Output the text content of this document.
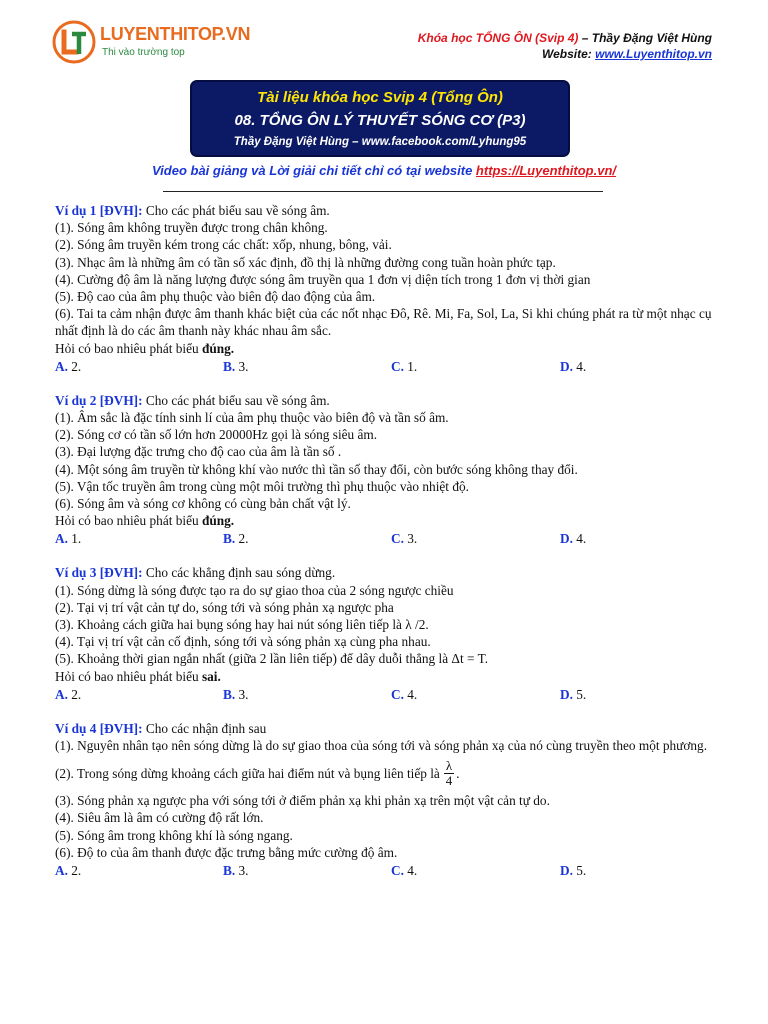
LUYENTHITOP.VN
Thi vào trường top
Khóa học TỔNG ÔN (Svip 4) – Thầy Đặng Việt Hùng
Website: www.Luyenthitop.vn
Tài liệu khóa học Svip 4 (Tổng Ôn)
08. TỔNG ÔN LÝ THUYẾT SÓNG CƠ (P3)
Thầy Đặng Việt Hùng – www.facebook.com/Lyhung95
Video bài giảng và Lời giải chi tiết chỉ có tại website https://Luyenthitop.vn/
Ví dụ 1 [ĐVH]: Cho các phát biểu sau về sóng âm.
(1). Sóng âm không truyền được trong chân không.
(2). Sóng âm truyền kém trong các chất: xốp, nhung, bông, vải.
(3). Nhạc âm là những âm có tần số xác định, đồ thị là những đường cong tuần hoàn phức tạp.
(4). Cường độ âm là năng lượng được sóng âm truyền qua 1 đơn vị diện tích trong 1 đơn vị thời gian
(5). Độ cao của âm phụ thuộc vào biên độ dao động của âm.
(6). Tai ta cảm nhận được âm thanh khác biệt của các nốt nhạc Đô, Rê. Mi, Fa, Sol, La, Si khi chúng phát ra từ một nhạc cụ nhất định là do các âm thanh này khác nhau âm sắc.
Hỏi có bao nhiêu phát biểu đúng.
A. 2.	B. 3.	C. 1.	D. 4.
Ví dụ 2 [ĐVH]: Cho các phát biểu sau về sóng âm.
(1). Âm sắc là đặc tính sinh lí của âm phụ thuộc vào biên độ và tần số âm.
(2). Sóng cơ có tần số lớn hơn 20000Hz gọi là sóng siêu âm.
(3). Đại lượng đặc trưng cho độ cao của âm là tần số .
(4). Một sóng âm truyền từ không khí vào nước thì tần số thay đổi, còn bước sóng không thay đổi.
(5). Vận tốc truyền âm trong cùng một môi trường thì phụ thuộc vào nhiệt độ.
(6). Sóng âm và sóng cơ không có cùng bản chất vật lý.
Hỏi có bao nhiêu phát biểu đúng.
A. 1.	B. 2.	C. 3.	D. 4.
Ví dụ 3 [ĐVH]: Cho các khẳng định sau sóng dừng.
(1). Sóng dừng là sóng được tạo ra do sự giao thoa của 2 sóng ngược chiều
(2). Tại vị trí vật cản tự do, sóng tới và sóng phản xạ ngược pha
(3). Khoảng cách giữa hai bụng sóng hay hai nút sóng liên tiếp là λ /2.
(4). Tại vị trí vật cản cố định, sóng tới và sóng phản xạ cùng pha nhau.
(5). Khoảng thời gian ngắn nhất (giữa 2 lần liên tiếp) để dây duỗi thẳng là Δt = T.
Hỏi có bao nhiêu phát biểu sai.
A. 2.	B. 3.	C. 4.	D. 5.
Ví dụ 4 [ĐVH]: Cho các nhận định sau
(1). Nguyên nhân tạo nên sóng dừng là do sự giao thoa của sóng tới và sóng phản xạ của nó cùng truyền theo một phương.
(2). Trong sóng dừng khoảng cách giữa hai điểm nút và bụng liên tiếp là $\frac{\lambda}{4}$ .
(3). Sóng phản xạ ngược pha với sóng tới ở điểm phản xạ khi phản xạ trên một vật cản tự do.
(4). Siêu âm là âm có cường độ rất lớn.
(5). Sóng âm trong không khí là sóng ngang.
(6). Độ to của âm thanh được đặc trưng bằng mức cường độ âm.
A. 2.	B. 3.	C. 4.	D. 5.
